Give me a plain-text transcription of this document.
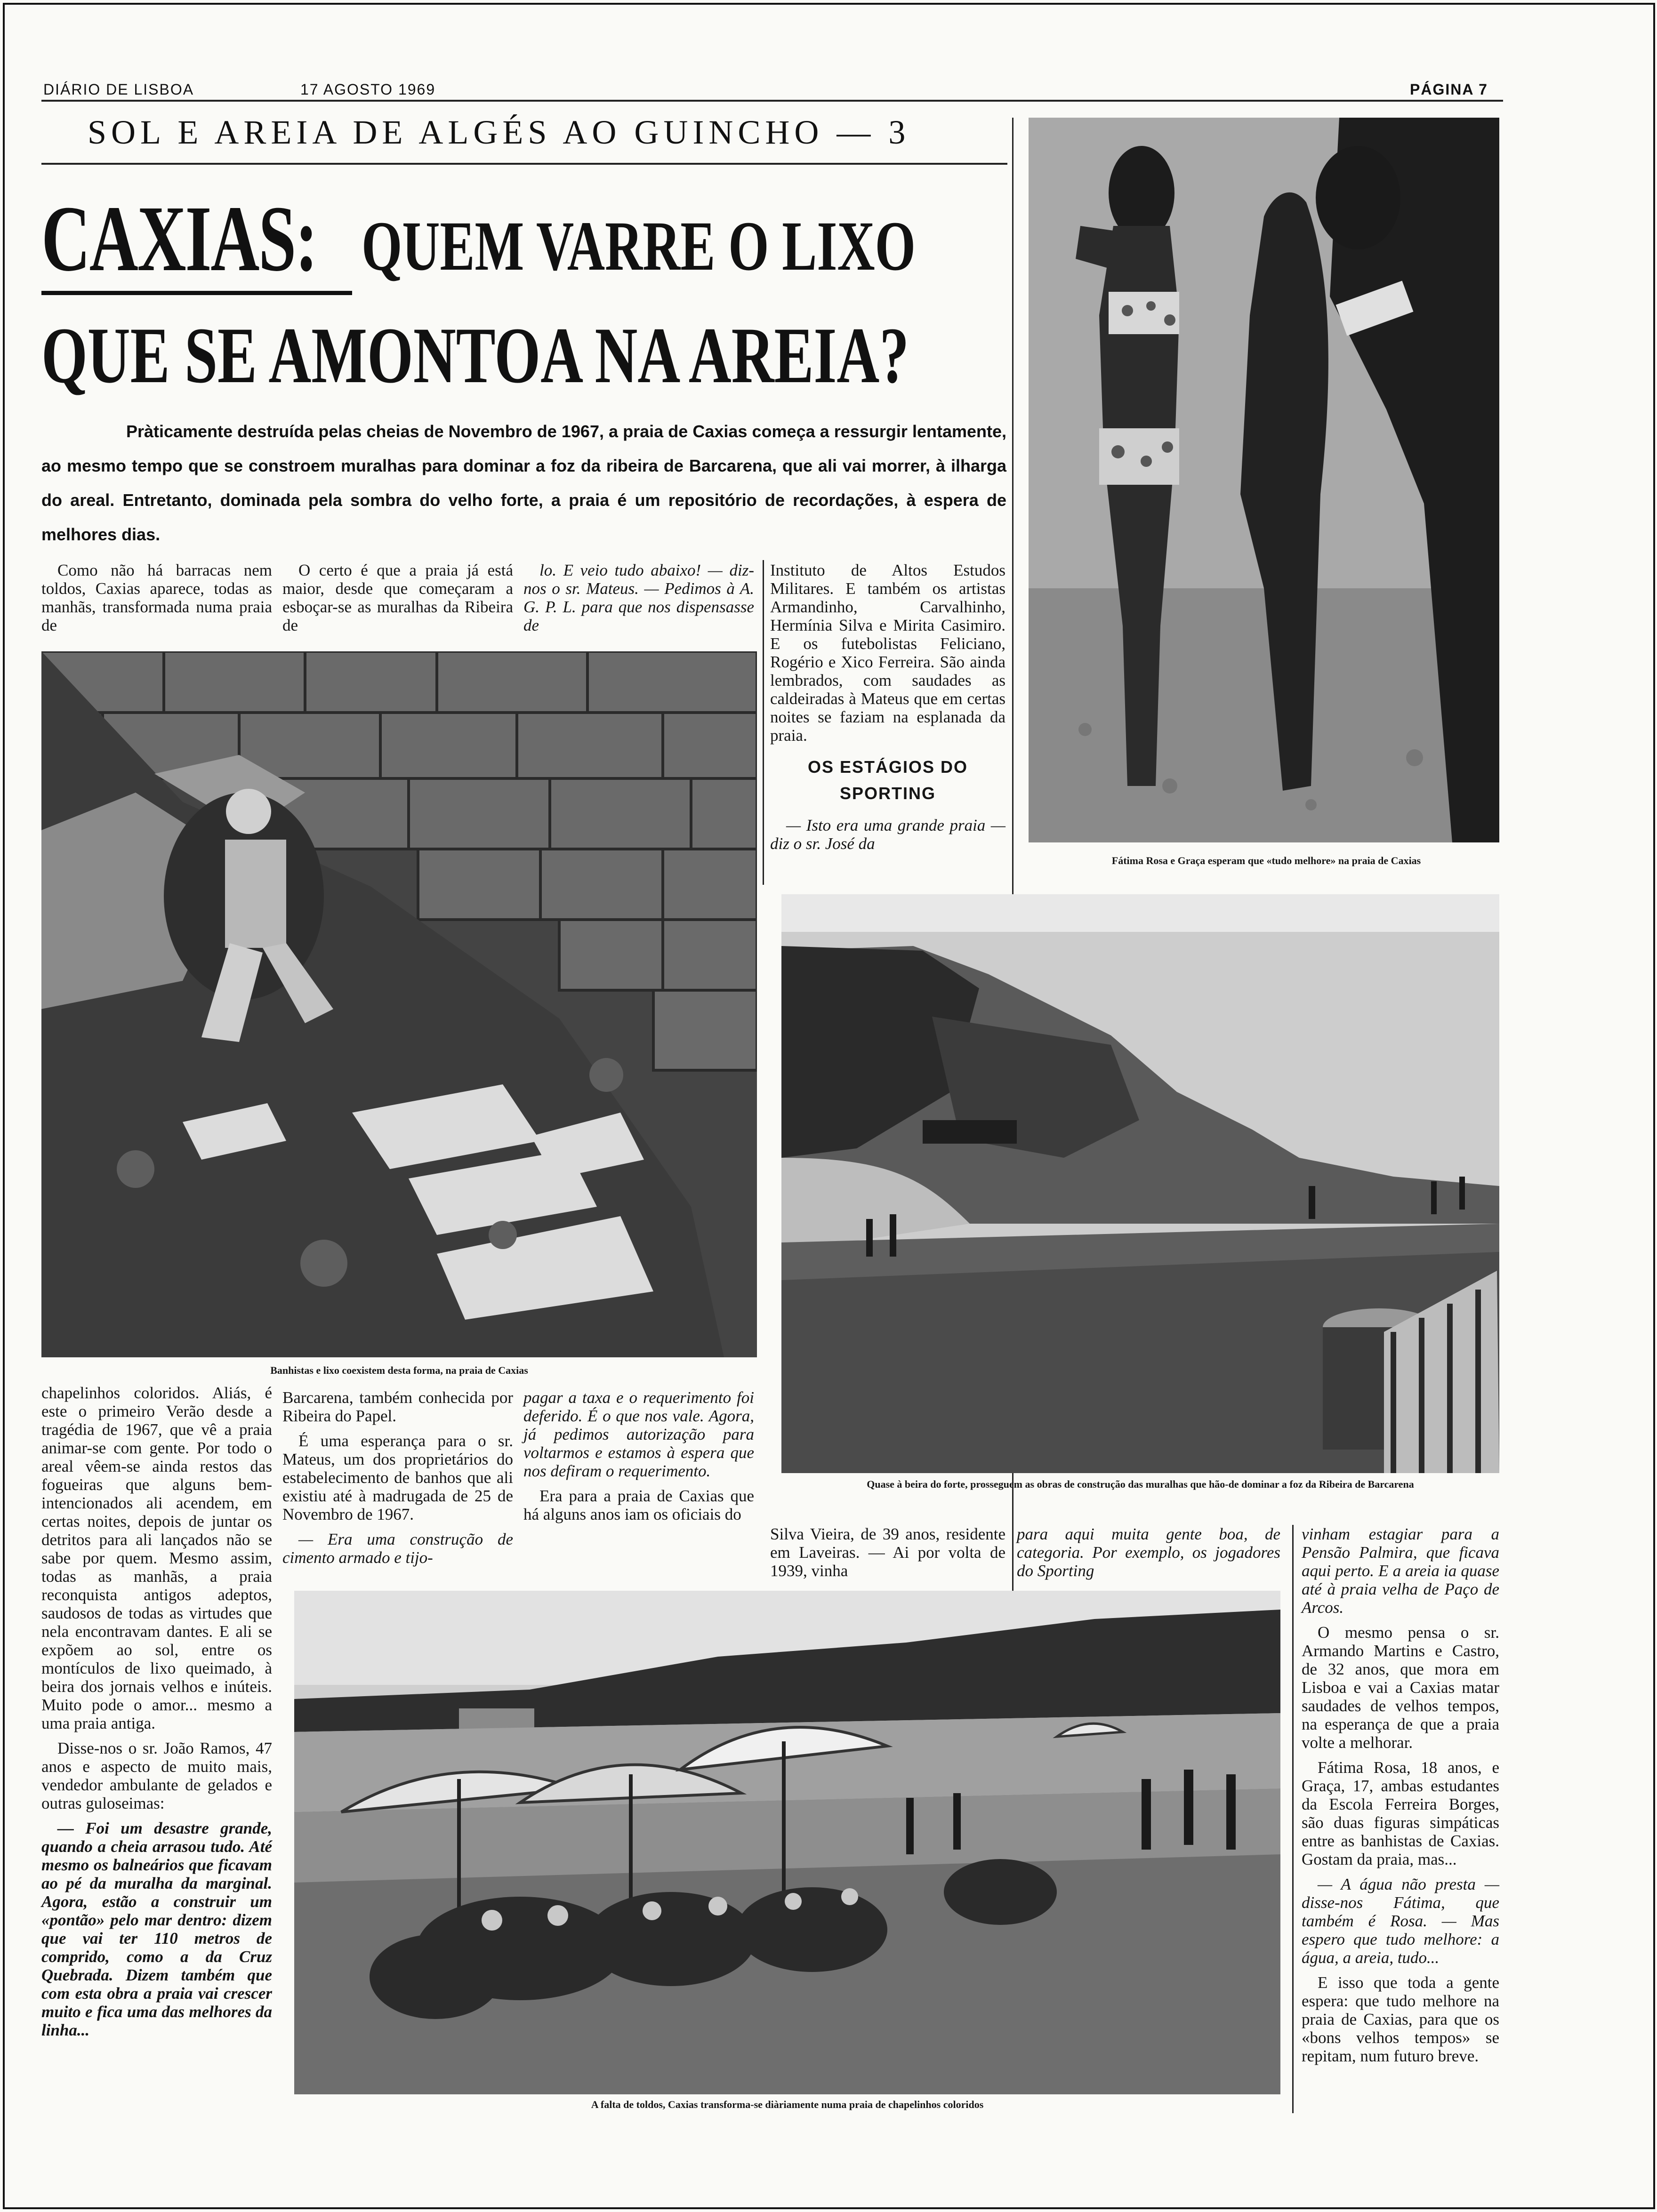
DIÁRIO DE LISBOA	17 AGOSTO 1969	PÁGINA 7
SOL E AREIA DE ALGÉS AO GUINCHO — 3
CAXIAS: QUEM VARRE O LIXO
QUE SE AMONTOA NA AREIA?
Pràticamente destruída pelas cheias de Novembro de 1967, a praia de Caxias começa a ressurgir lentamente, ao mesmo tempo que se constroem muralhas para dominar a foz da ribeira de Barcarena, que ali vai morrer, à ilharga do areal. Entretanto, dominada pela sombra do velho forte, a praia é um repositório de recordações, à espera de melhores dias.

Como não há barracas nem toldos, Caxias aparece, todas as manhãs, transformada numa praia de

O certo é que a praia já está maior, desde que começaram a esboçar-se as muralhas da Ribeira de

lo. E veio tudo abaixo! — diz-nos o sr. Mateus. — Pedimos à A. G. P. L. para que nos dispensasse de

Instituto de Altos Estudos Militares. E também os artistas Armandinho, Carvalhinho, Hermínia Silva e Mirita Casimiro. E os futebolistas Feliciano, Rogério e Xico Ferreira. São ainda lembrados, com saudades as caldeiradas à Mateus que em certas noites se faziam na esplanada da praia.

OS ESTÁGIOS DO SPORTING

— Isto era uma grande praia — diz o sr. José da

Banhistas e lixo coexistem desta forma, na praia de Caxias
Fátima Rosa e Graça esperam que «tudo melhore» na praia de Caxias
Quase à beira do forte, prosseguem as obras de construção das muralhas que hão-de dominar a foz da Ribeira de Barcarena

chapelinhos coloridos. Aliás, é este o primeiro Verão desde a tragédia de 1967, que vê a praia animar-se com gente. Por todo o areal vêem-se ainda restos das fogueiras que alguns bem-intencionados ali acendem, em certas noites, depois de juntar os detritos para ali lançados não se sabe por quem. Mesmo assim, todas as manhãs, a praia reconquista antigos adeptos, saudosos de todas as virtudes que nela encontravam dantes. E ali se expõem ao sol, entre os montículos de lixo queimado, à beira dos jornais velhos e inúteis. Muito pode o amor... mesmo a uma praia antiga.

Disse-nos o sr. João Ramos, 47 anos e aspecto de muito mais, vendedor ambulante de gelados e outras guloseimas:

— Foi um desastre grande, quando a cheia arrasou tudo. Até mesmo os balneários que ficavam ao pé da muralha da marginal. Agora, estão a construir um «pontão» pelo mar dentro: dizem que vai ter 110 metros de comprido, como a da Cruz Quebrada. Dizem também que com esta obra a praia vai crescer muito e fica uma das melhores da linha...

Barcarena, também conhecida por Ribeira do Papel.

É uma esperança para o sr. Mateus, um dos proprietários do estabelecimento de banhos que ali existiu até à madrugada de 25 de Novembro de 1967.

— Era uma construção de cimento armado e tijo-

pagar a taxa e o requerimento foi deferido. É o que nos vale. Agora, já pedimos autorização para voltarmos e estamos à espera que nos defiram o requerimento.

Era para a praia de Caxias que há alguns anos iam os oficiais do

Silva Vieira, de 39 anos, residente em Laveiras. — Ai por volta de 1939, vinha

para aqui muita gente boa, de categoria. Por exemplo, os jogadores do Sporting

vinham estagiar para a Pensão Palmira, que ficava aqui perto. E a areia ia quase até à praia velha de Paço de Arcos.

O mesmo pensa o sr. Armando Martins e Castro, de 32 anos, que mora em Lisboa e vai a Caxias matar saudades de velhos tempos, na esperança de que a praia volte a melhorar.

Fátima Rosa, 18 anos, e Graça, 17, ambas estudantes da Escola Ferreira Borges, são duas figuras simpáticas entre as banhistas de Caxias. Gostam da praia, mas...

— A água não presta — disse-nos Fátima, que também é Rosa. — Mas espero que tudo melhore: a água, a areia, tudo...

E isso que toda a gente espera: que tudo melhore na praia de Caxias, para que os «bons velhos tempos» se repitam, num futuro breve.

A falta de toldos, Caxias transforma-se diàriamente numa praia de chapelinhos coloridos
